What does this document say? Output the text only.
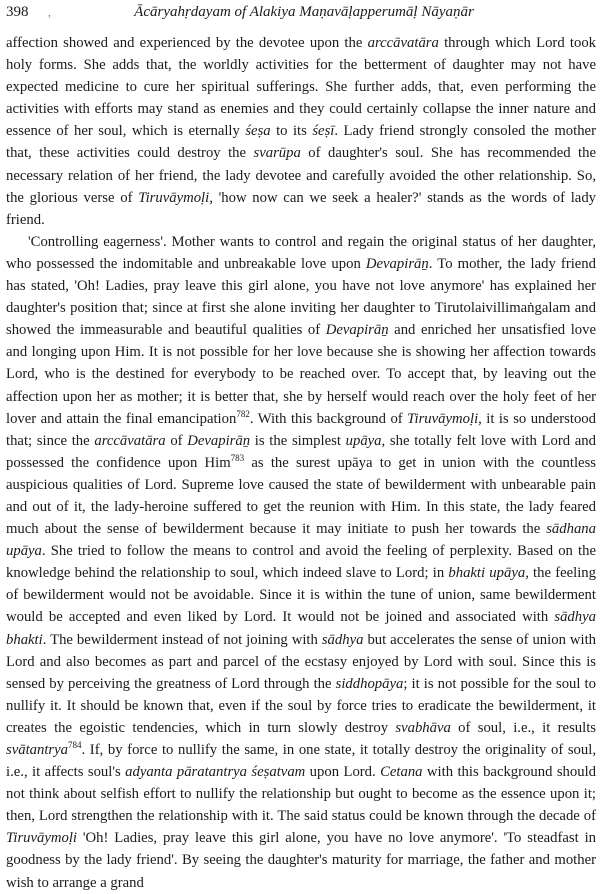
398	,	Ācāryahṛdayam of Alakiya Maṇavāḷapperumāḷ Nāyaṇār

affection showed and experienced by the devotee upon the arccāvatāra through which Lord took holy forms. She adds that, the worldly activities for the betterment of daughter may not have expected medicine to cure her spiritual sufferings. She further adds, that, even performing the activities with efforts may stand as enemies and they could certainly collapse the inner nature and essence of her soul, which is eternally śeṣa to its śeṣī. Lady friend strongly consoled the mother that, these activities could destroy the svarūpa of daughter's soul. She has recommended the necessary relation of her friend, the lady devotee and carefully avoided the other relationship. So, the glorious verse of Tiruvāymoḷi, 'how now can we seek a healer?' stands as the words of lady friend.

'Controlling eagerness'. Mother wants to control and regain the original status of her daughter, who possessed the indomitable and unbreakable love upon Devapirāṉ. To mother, the lady friend has stated, 'Oh! Ladies, pray leave this girl alone, you have not love anymore' has explained her daughter's position that; since at first she alone inviting her daughter to Tirutolaivillimaṅgalam and showed the immeasurable and beautiful qualities of Devapirāṉ and enriched her unsatisfied love and longing upon Him. It is not possible for her love because she is showing her affection towards Lord, who is the destined for everybody to be reached over. To accept that, by leaving out the affection upon her as mother; it is better that, she by herself would reach over the holy feet of her lover and attain the final emancipation$^{782}$. With this background of Tiruvāymoḷi, it is so understood that; since the arccāvatāra of Devapirāṉ is the simplest upāya, she totally felt love with Lord and possessed the confidence upon Him$^{783}$ as the surest upāya to get in union with the countless auspicious qualities of Lord. Supreme love caused the state of bewilderment with unbearable pain and out of it, the lady-heroine suffered to get the reunion with Him. In this state, the lady feared much about the sense of bewilderment because it may initiate to push her towards the sādhana upāya. She tried to follow the means to control and avoid the feeling of perplexity. Based on the knowledge behind the relationship to soul, which indeed slave to Lord; in bhakti upāya, the feeling of bewilderment would not be avoidable. Since it is within the tune of union, same bewilderment would be accepted and even liked by Lord. It would not be joined and associated with sādhya bhakti. The bewilderment instead of not joining with sādhya but accelerates the sense of union with Lord and also becomes as part and parcel of the ecstasy enjoyed by Lord with soul. Since this is sensed by perceiving the greatness of Lord through the siddhopāya; it is not possible for the soul to nullify it. It should be known that, even if the soul by force tries to eradicate the bewilderment, it creates the egoistic tendencies, which in turn slowly destroy svabhāva of soul, i.e., it results svātantrya$^{784}$. If, by force to nullify the same, in one state, it totally destroy the originality of soul, i.e., it affects soul's adyanta pāratantrya śeṣatvam upon Lord. Cetana with this background should not think about selfish effort to nullify the relationship but ought to become as the essence upon it; then, Lord strengthen the relationship with it. The said status could be known through the decade of Tiruvāymoḷi 'Oh! Ladies, pray leave this girl alone, you have no love anymore'. 'To steadfast in goodness by the lady friend'. By seeing the daughter's maturity for marriage, the father and mother wish to arrange a grand
